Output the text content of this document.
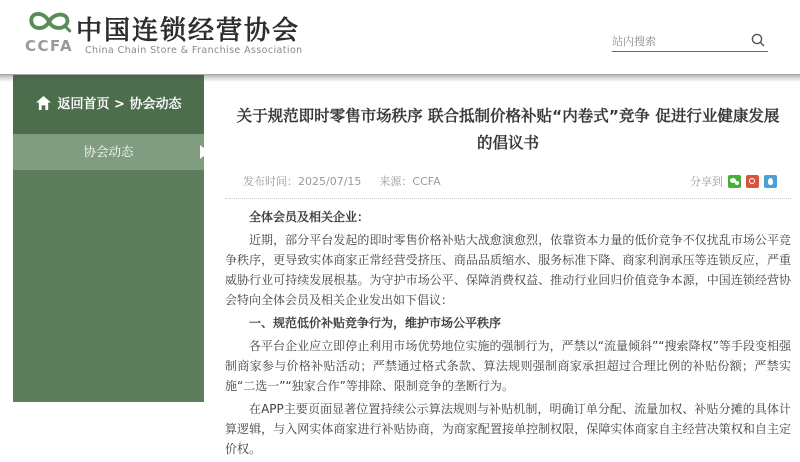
CCFA 中国连锁经营协会
China Chain Store & Franchise Association
站内搜索
返回首页 > 协会动态
协会动态
关于规范即时零售市场秩序 联合抵制价格补贴“内卷式”竞争 促进行业健康发展的倡议书
发布时间：2025/07/15 来源：CCFA	分享到

全体会员及相关企业：

近期，部分平台发起的即时零售价格补贴大战愈演愈烈，依靠资本力量的低价竞争不仅扰乱市场公平竞争秩序，更导致实体商家正常经营受挤压、商品品质缩水、服务标准下降、商家利润承压等连锁反应，严重威胁行业可持续发展根基。为守护市场公平、保障消费权益、推动行业回归价值竞争本源，中国连锁经营协会特向全体会员及相关企业发出如下倡议：

一、规范低价补贴竞争行为，维护市场公平秩序

各平台企业应立即停止利用市场优势地位实施的强制行为，严禁以“流量倾斜”“搜索降权”等手段变相强制商家参与价格补贴活动；严禁通过格式条款、算法规则强制商家承担超过合理比例的补贴份额；严禁实施“二选一”“独家合作”等排除、限制竞争的垄断行为。

在APP主要页面显著位置持续公示算法规则与补贴机制，明确订单分配、流量加权、补贴分摊的具体计算逻辑，与入网实体商家进行补贴协商，为商家配置接单控制权限，保障实体商家自主经营决策权和自主定价权。
